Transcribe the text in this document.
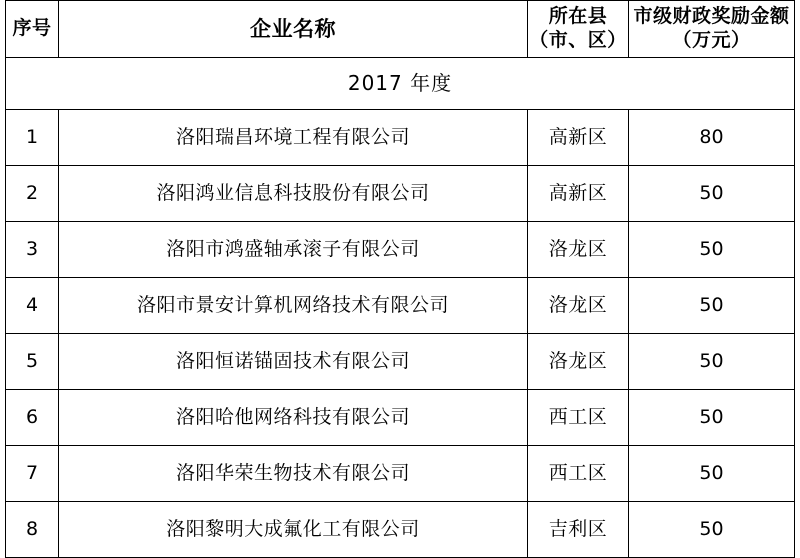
序号	企业名称	所在县（市、区）	市级财政奖励金额 （万元）
2017 年度			
1	洛阳瑞昌环境工程有限公司	高新区	80
2	洛阳鸿业信息科技股份有限公司	高新区	50
3	洛阳市鸿盛轴承滚子有限公司	洛龙区	50
4	洛阳市景安计算机网络技术有限公司	洛龙区	50
5	洛阳恒诺锚固技术有限公司	洛龙区	50
6	洛阳哈他网络科技有限公司	西工区	50
7	洛阳华荣生物技术有限公司	西工区	50
8	洛阳黎明大成氟化工有限公司	吉利区	50
